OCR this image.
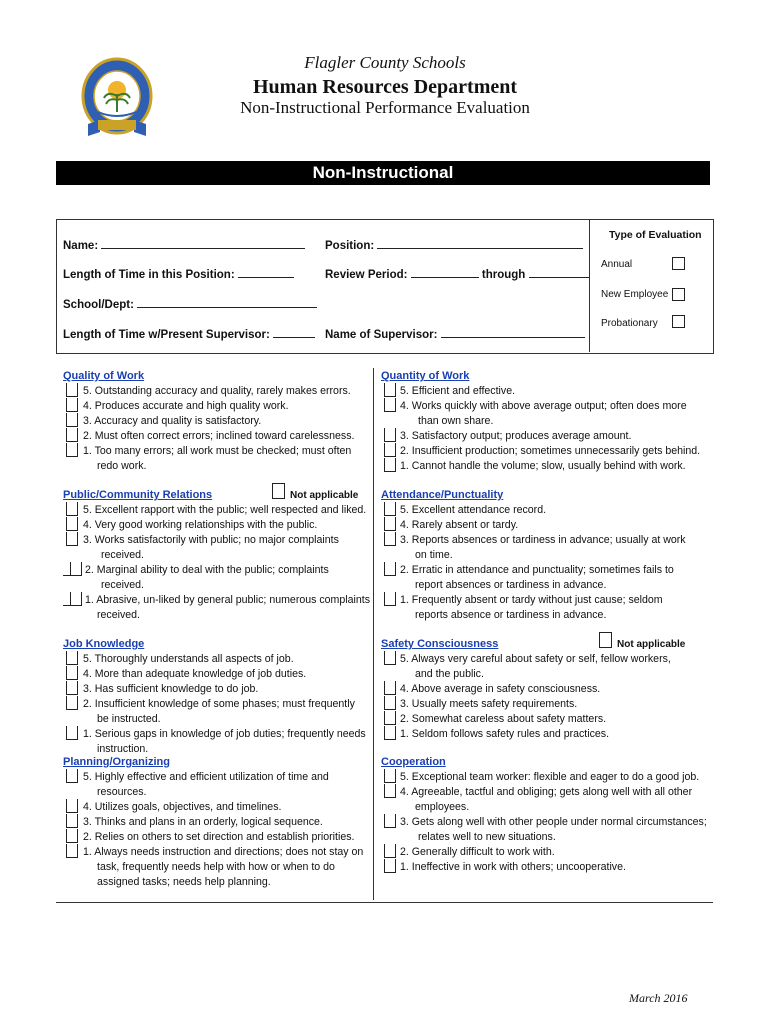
Flagler County Schools
Human Resources Department
Non-Instructional Performance Evaluation
Non-Instructional
Name:	Position:
Length of Time in this Position:	Review Period:	through
School/Dept:
Length of Time w/Present Supervisor:	Name of Supervisor:
Type of Evaluation
Annual
New Employee
Probationary
Quality of Work
5. Outstanding accuracy and quality, rarely makes errors.
4. Produces accurate and high quality work.
3. Accuracy and quality is satisfactory.
2. Must often correct errors; inclined toward carelessness.
1. Too many errors; all work must be checked; must often
redo work.
Public/Community Relations	Not applicable
5. Excellent rapport with the public; well respected and liked.
4. Very good working relationships with the public.
3. Works satisfactorily with public; no major complaints
received.
2. Marginal ability to deal with the public; complaints
received.
1. Abrasive, un-liked by general public; numerous complaints
received.
Job Knowledge
5. Thoroughly understands all aspects of job.
4. More than adequate knowledge of job duties.
3. Has sufficient knowledge to do job.
2. Insufficient knowledge of some phases; must frequently
be instructed.
1. Serious gaps in knowledge of job duties; frequently needs
instruction.
Planning/Organizing
5. Highly effective and efficient utilization of time and
resources.
4. Utilizes goals, objectives, and timelines.
3. Thinks and plans in an orderly, logical sequence.
2. Relies on others to set direction and establish priorities.
1. Always needs instruction and directions; does not stay on
task, frequently needs help with how or when to do
assigned tasks; needs help planning.
Quantity of Work
5. Efficient and effective.
4. Works quickly with above average output; often does more
than own share.
3. Satisfactory output; produces average amount.
2. Insufficient production; sometimes unnecessarily gets behind.
1. Cannot handle the volume; slow, usually behind with work.
Attendance/Punctuality
5. Excellent attendance record.
4. Rarely absent or tardy.
3. Reports absences or tardiness in advance; usually at work
on time.
2. Erratic in attendance and punctuality; sometimes fails to
report absences or tardiness in advance.
1. Frequently absent or tardy without just cause; seldom
reports absence or tardiness in advance.
Safety Consciousness	Not applicable
5. Always very careful about safety or self, fellow workers,
and the public.
4. Above average in safety consciousness.
3. Usually meets safety requirements.
2. Somewhat careless about safety matters.
1. Seldom follows safety rules and practices.
Cooperation
5. Exceptional team worker: flexible and eager to do a good job.
4. Agreeable, tactful and obliging; gets along well with all other
employees.
3. Gets along well with other people under normal circumstances;
relates well to new situations.
2. Generally difficult to work with.
1. Ineffective in work with others; uncooperative.
March 2016
